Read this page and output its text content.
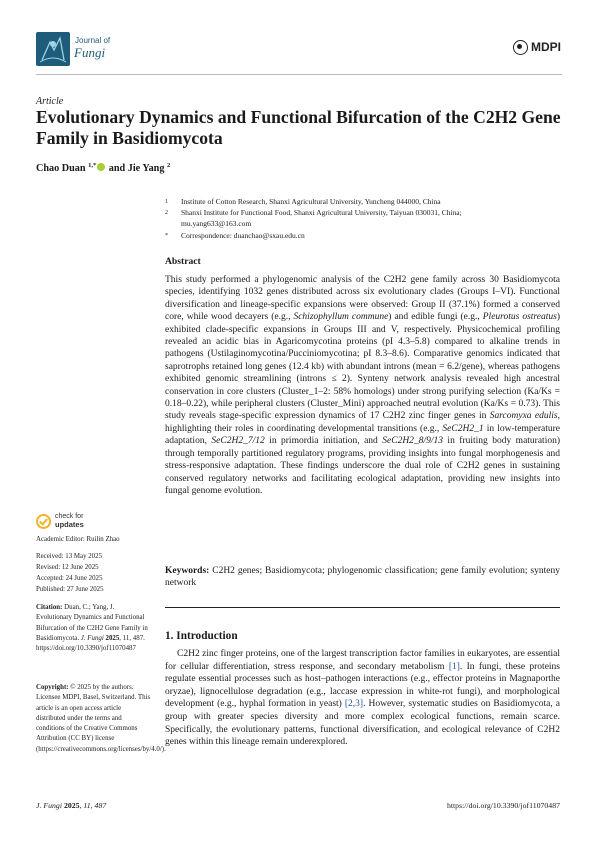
Journal of
Fungi	MDPI
Article
Evolutionary Dynamics and Functional Bifurcation of the C2H2 Gene Family in Basidiomycota
Chao Duan $^{1,*}$ and Jie Yang $^2$
1	Institute of Cotton Research, Shanxi Agricultural University, Yuncheng 044000, China
2	Shanxi Institute for Functional Food, Shanxi Agricultural University, Taiyuan 030031, China;
mu.yang633@163.com
*	Correspondence: duanchao@sxau.edu.cn
Abstract
This study performed a phylogenomic analysis of the C2H2 gene family across 30 Basidiomycota species, identifying 1032 genes distributed across six evolutionary clades (Groups I–VI). Functional diversification and lineage-specific expansions were observed: Group II (37.1%) formed a conserved core, while wood decayers (e.g., Schizophyllum commune) and edible fungi (e.g., Pleurotus ostreatus) exhibited clade-specific expansions in Groups III and V, respectively. Physicochemical profiling revealed an acidic bias in Agaricomycotina proteins (pI 4.3–5.8) compared to alkaline trends in pathogens (Ustilaginomycotina/Pucciniomycotina; pI 8.3–8.6). Comparative genomics indicated that saprotrophs retained long genes (12.4 kb) with abundant introns (mean = 6.2/gene), whereas pathogens exhibited genomic streamlining (introns ≤ 2). Synteny network analysis revealed high ancestral conservation in core clusters (Cluster_1–2: 58% homologs) under strong purifying selection (Ka/Ks = 0.18–0.22), while peripheral clusters (Cluster_Mini) approached neutral evolution (Ka/Ks = 0.73). This study reveals stage-specific expression dynamics of 17 C2H2 zinc finger genes in Sarcomyxa edulis, highlighting their roles in coordinating developmental transitions (e.g., SeC2H2_1 in low-temperature adaptation, SeC2H2_7/12 in primordia initiation, and SeC2H2_8/9/13 in fruiting body maturation) through temporally partitioned regulatory programs, providing insights into fungal morphogenesis and stress-responsive adaptation. These findings underscore the dual role of C2H2 genes in sustaining conserved regulatory networks and facilitating ecological adaptation, providing new insights into fungal genome evolution.
Keywords: C2H2 genes; Basidiomycota; phylogenomic classification; gene family evolution; synteny network
1. Introduction
C2H2 zinc finger proteins, one of the largest transcription factor families in eukaryotes, are essential for cellular differentiation, stress response, and secondary metabolism [1]. In fungi, these proteins regulate essential processes such as host–pathogen interactions (e.g., effector proteins in Magnaporthe oryzae), lignocellulose degradation (e.g., laccase expression in white-rot fungi), and morphological development (e.g., hyphal formation in yeast) [2,3]. However, systematic studies on Basidiomycota, a group with greater species diversity and more complex ecological functions, remain scarce. Specifically, the evolutionary patterns, functional diversification, and ecological relevance of C2H2 genes within this lineage remain underexplored.
check for
updates
Academic Editor: Ruilin Zhao
Received: 13 May 2025
Revised: 12 June 2025
Accepted: 24 June 2025
Published: 27 June 2025
Citation: Duan, C.; Yang, J. Evolutionary Dynamics and Functional Bifurcation of the C2H2 Gene Family in Basidiomycota. J. Fungi 2025, 11, 487. https://doi.org/10.3390/jof11070487
Copyright: © 2025 by the authors. Licensee MDPI, Basel, Switzerland. This article is an open access article distributed under the terms and conditions of the Creative Commons Attribution (CC BY) license (https://creativecommons.org/licenses/by/4.0/).
J. Fungi 2025, 11, 487	https://doi.org/10.3390/jof11070487
